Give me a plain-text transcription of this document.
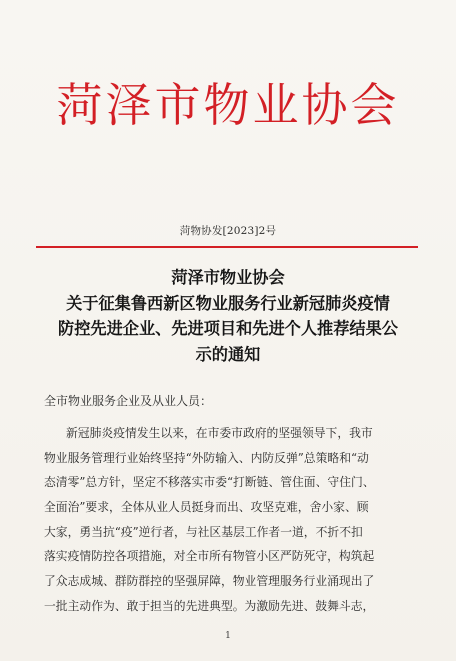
菏泽市物业协会
菏物协发[2023]2号
菏泽市物业协会
关于征集鲁西新区物业服务行业新冠肺炎疫情
防控先进企业、先进项目和先进个人推荐结果公
示的通知
全市物业服务企业及从业人员：
新冠肺炎疫情发生以来，在市委市政府的坚强领导下，我市
物业服务管理行业始终坚持“外防输入、内防反弹”总策略和“动
态清零”总方针，坚定不移落实市委“打断链、管住面、守住门、
全面治”要求，全体从业人员挺身而出、攻坚克难，舍小家、顾
大家，勇当抗“疫”逆行者，与社区基层工作者一道，不折不扣
落实疫情防控各项措施，对全市所有物管小区严防死守，构筑起
了众志成城、群防群控的坚强屏障，物业管理服务行业涌现出了
一批主动作为、敢于担当的先进典型。为激励先进、鼓舞斗志，
1
